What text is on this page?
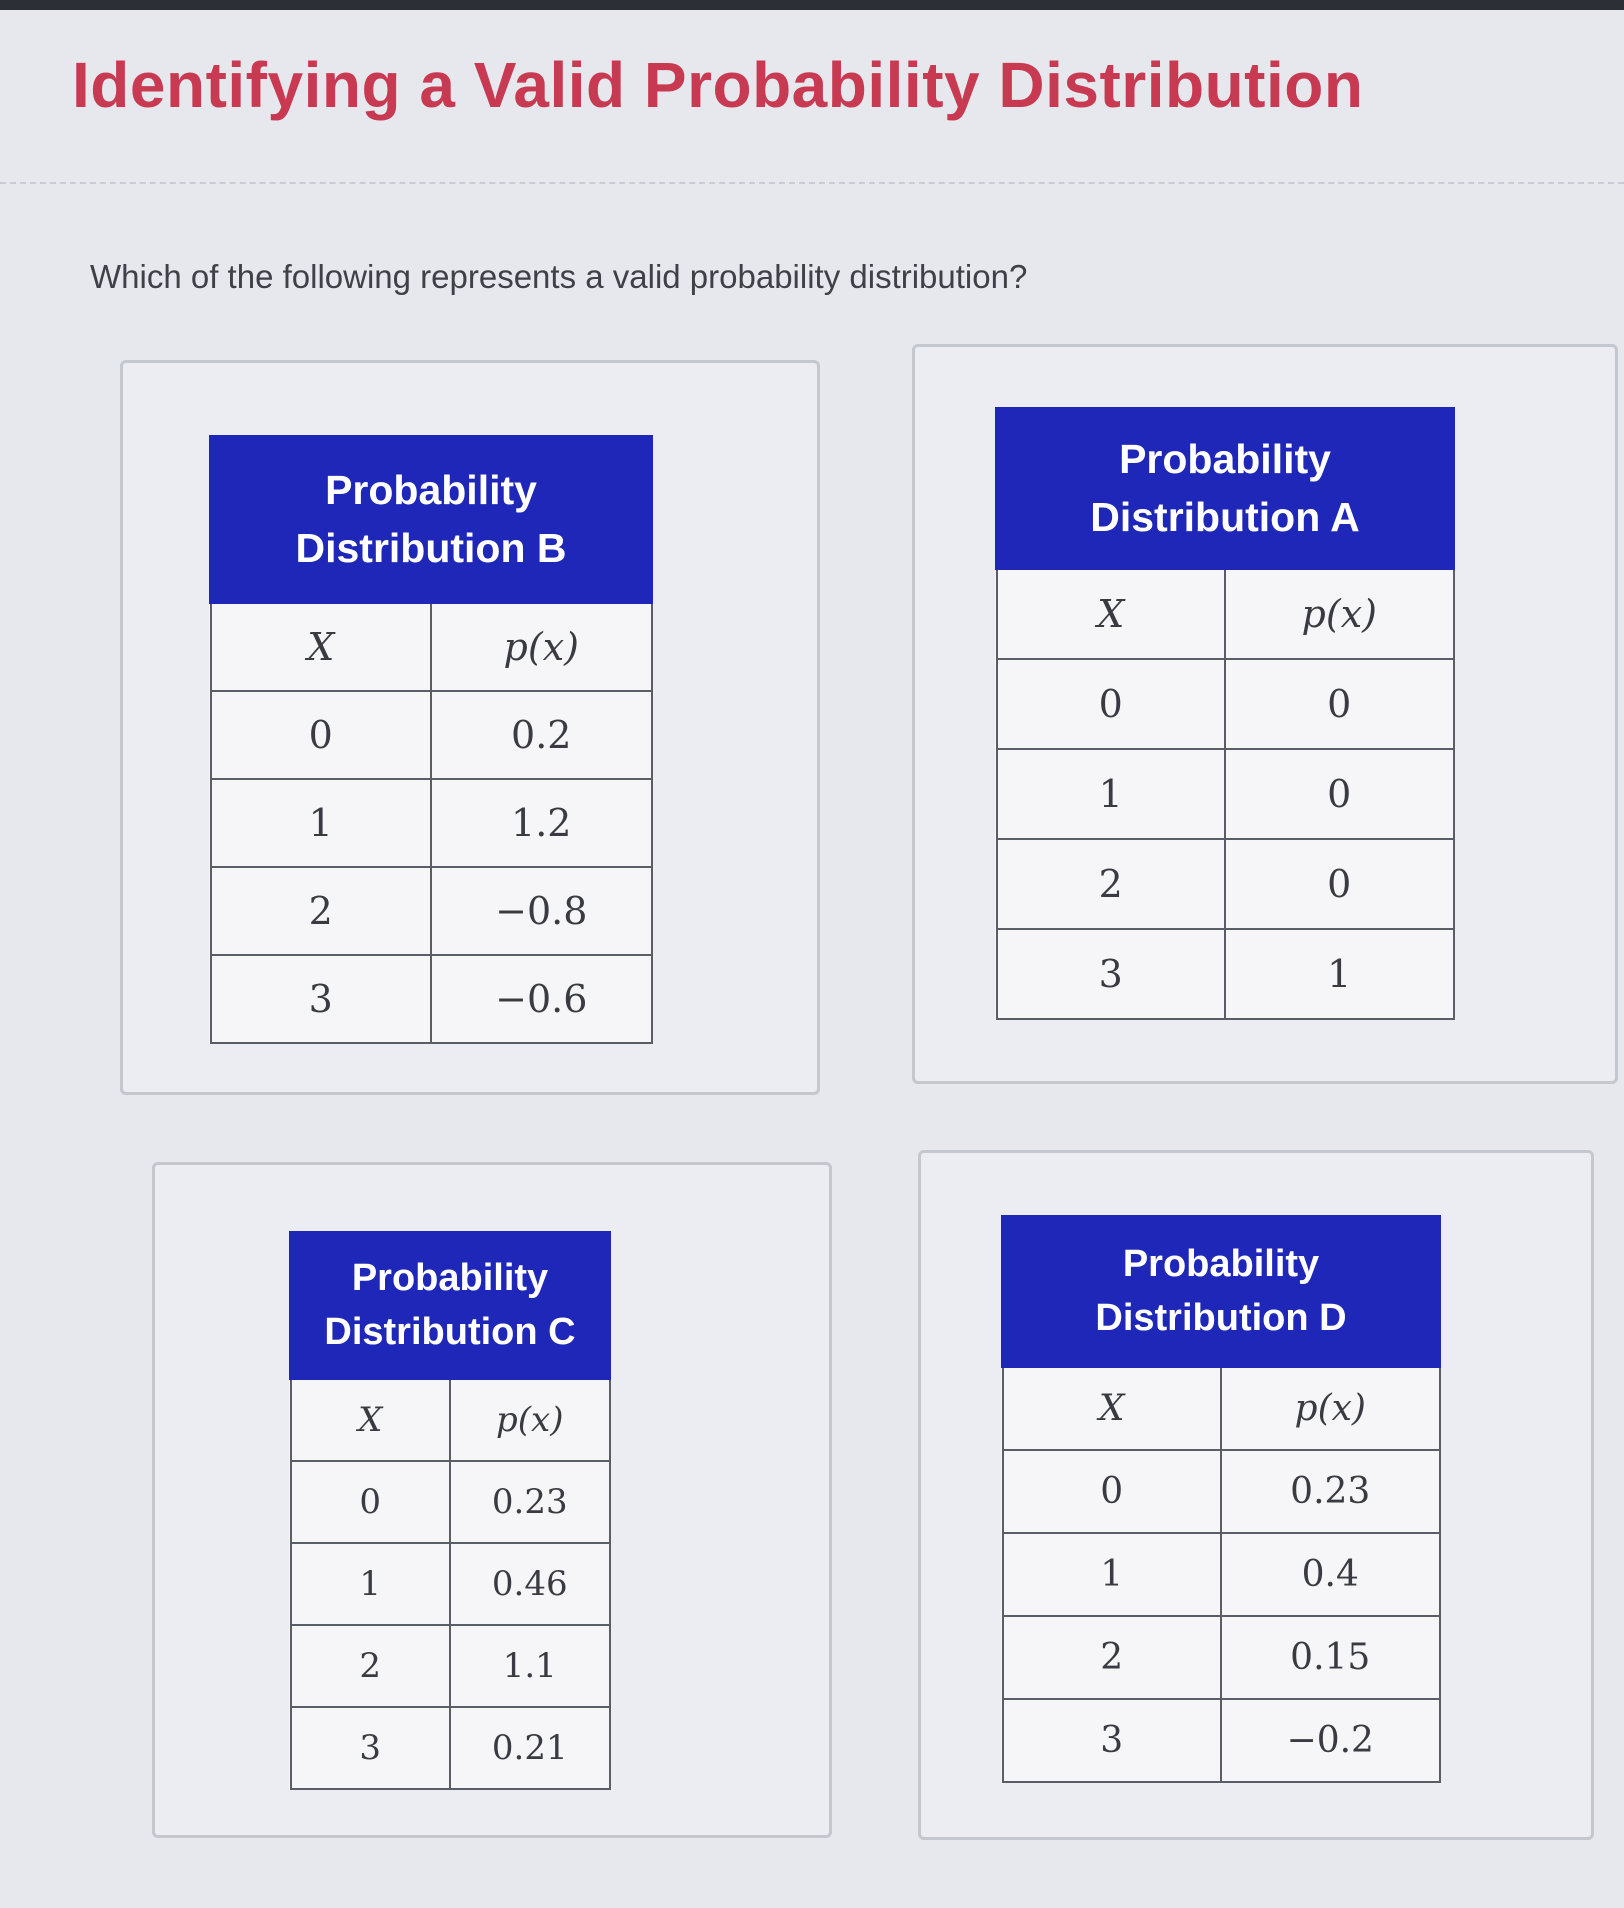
Identifying a Valid Probability Distribution

Which of the following represents a valid probability distribution?

Probability
Distribution B	
X	p(x)
0	0.2
1	1.2
2	−0.8
3	−0.6
Probability
Distribution A	
X	p(x)
0	0
1	0
2	0
3	1
Probability
Distribution C	
X	p(x)
0	0.23
1	0.46
2	1.1
3	0.21
Probability
Distribution D	
X	p(x)
0	0.23
1	0.4
2	0.15
3	−0.2
